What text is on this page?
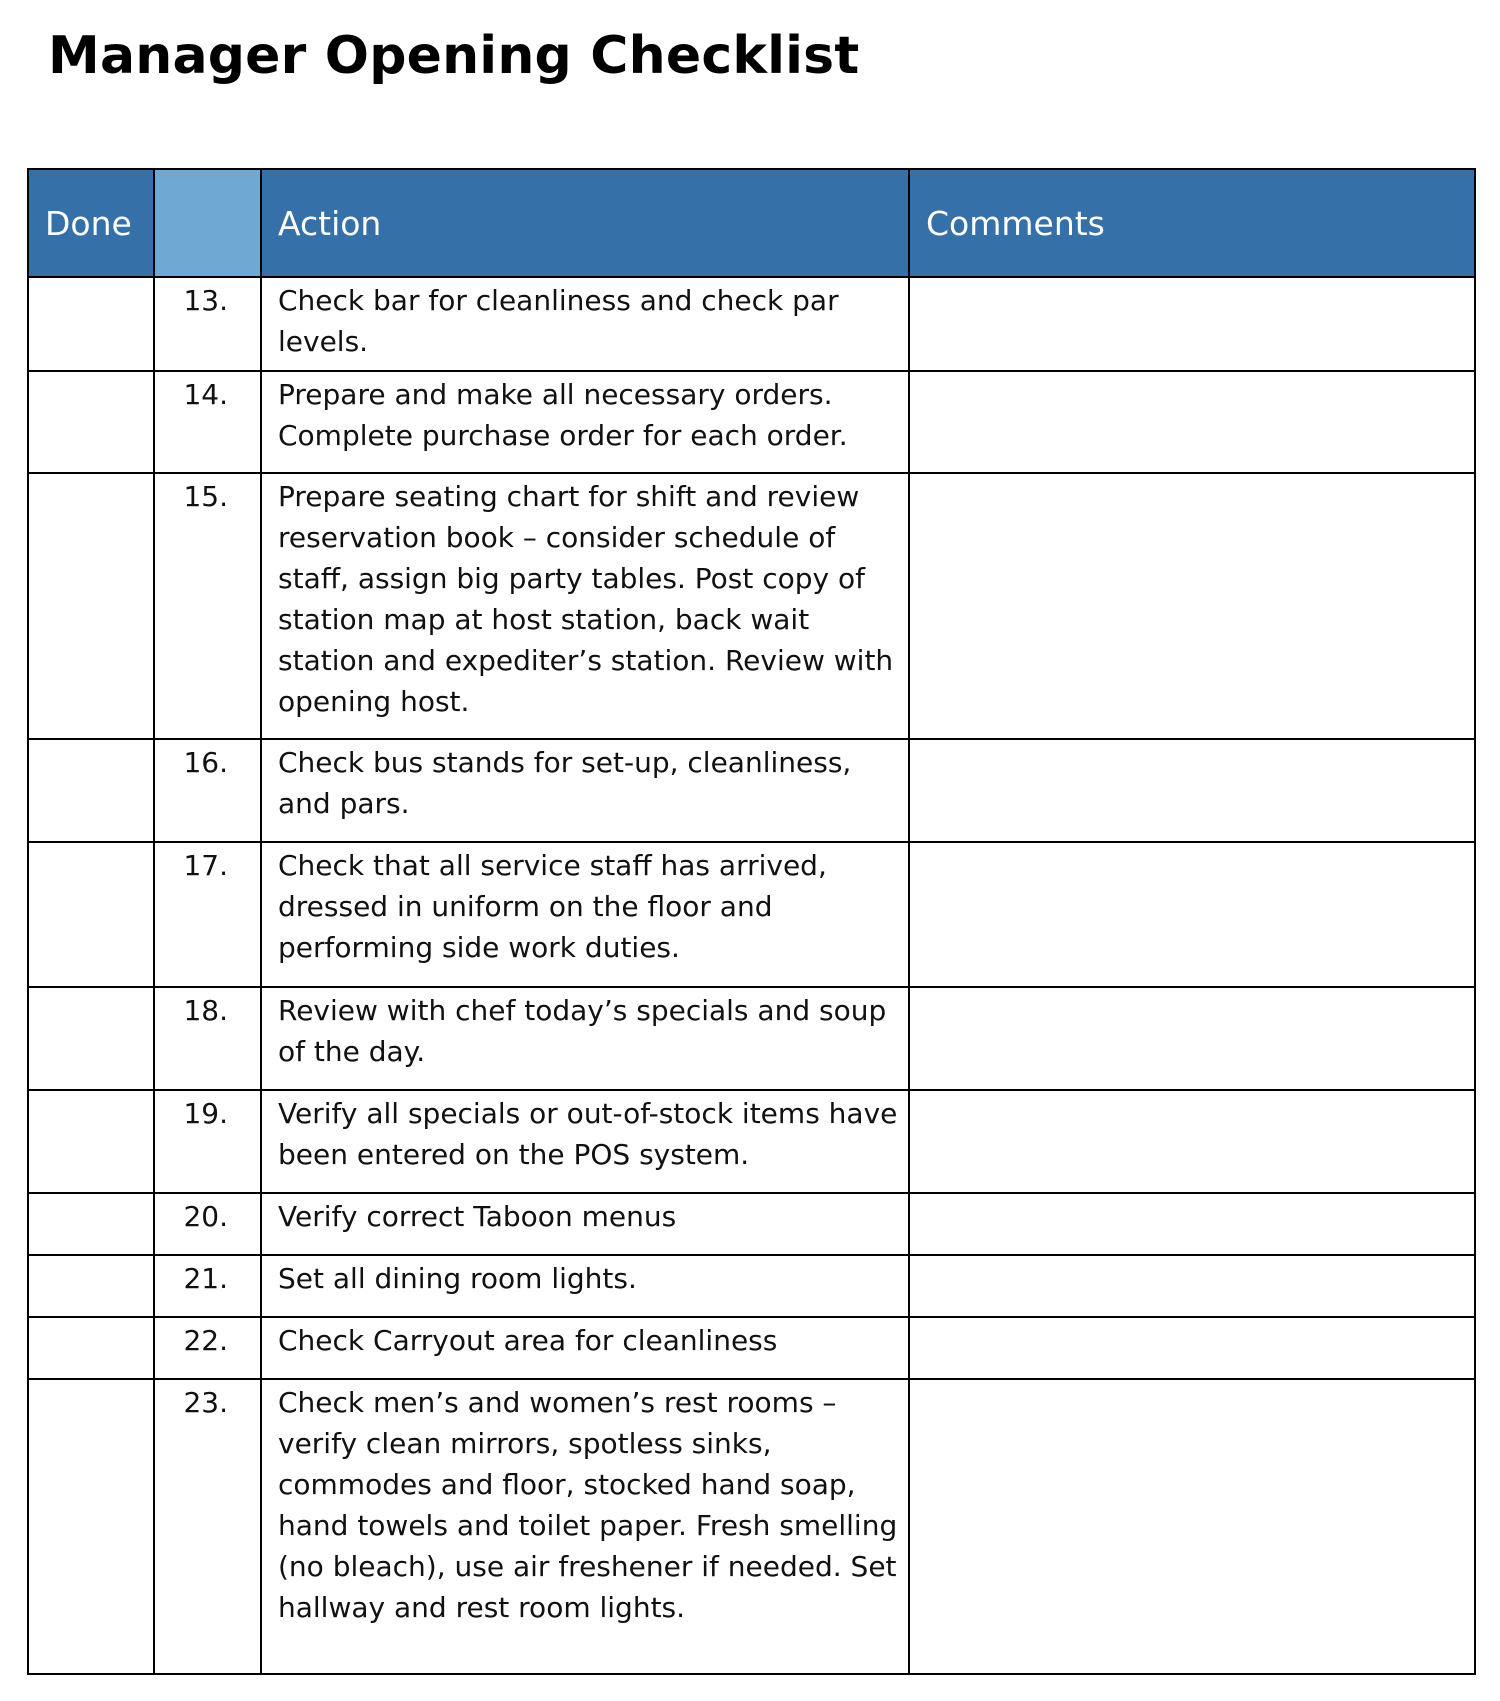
Manager Opening Checklist
Done		Action	Comments
	13.	Check bar for cleanliness and check par levels.	
	14.	Prepare and make all necessary orders. Complete purchase order for each order.	
	15.	Prepare seating chart for shift and review reservation book – consider schedule of staff, assign big party tables. Post copy of station map at host station, back wait station and expediter’s station. Review with opening host.	
	16.	Check bus stands for set-up, cleanliness, and pars.	
	17.	Check that all service staff has arrived, dressed in uniform on the floor and performing side work duties.	
	18.	Review with chef today’s specials and soup of the day.	
	19.	Verify all specials or out-of-stock items have been entered on the POS system.	
	20.	Verify correct Taboon menus	
	21.	Set all dining room lights.	
	22.	Check Carryout area for cleanliness	
	23.	Check men’s and women’s rest rooms – verify clean mirrors, spotless sinks, commodes and floor, stocked hand soap, hand towels and toilet paper. Fresh smelling (no bleach), use air freshener if needed. Set hallway and rest room lights.	
